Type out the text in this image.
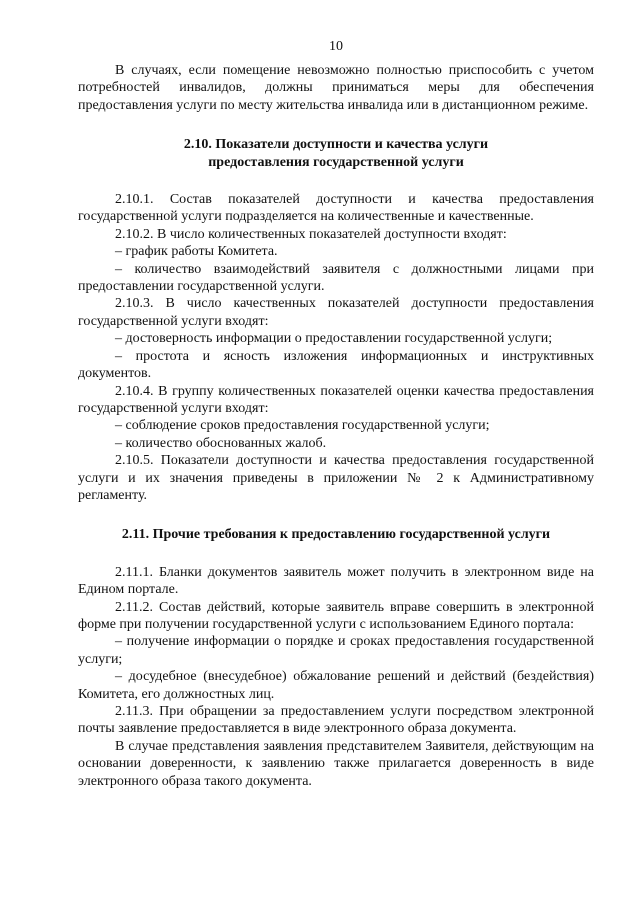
10

В случаях, если помещение невозможно полностью приспособить с учетом потребностей инвалидов, должны приниматься меры для обеспечения предоставления услуги по месту жительства инвалида или в дистанционном режиме.

2.10. Показатели доступности и качества услуги
предоставления государственной услуги

2.10.1. Состав показателей доступности и качества предоставления государственной услуги подразделяется на количественные и качественные.

2.10.2. В число количественных показателей доступности входят:

– график работы Комитета.

– количество взаимодействий заявителя с должностными лицами при предоставлении государственной услуги.

2.10.3. В число качественных показателей доступности предоставления государственной услуги входят:

– достоверность информации о предоставлении государственной услуги;

– простота и ясность изложения информационных и инструктивных документов.

2.10.4. В группу количественных показателей оценки качества предоставления государственной услуги входят:

– соблюдение сроков предоставления государственной услуги;

– количество обоснованных жалоб.

2.10.5. Показатели доступности и качества предоставления государственной услуги и их значения приведены в приложении № 2 к Административному регламенту.

2.11. Прочие требования к предоставлению государственной услуги

2.11.1. Бланки документов заявитель может получить в электронном виде на Едином портале.

2.11.2. Состав действий, которые заявитель вправе совершить в электронной форме при получении государственной услуги с использованием Единого портала:

– получение информации о порядке и сроках предоставления государственной услуги;

– досудебное (внесудебное) обжалование решений и действий (бездействия) Комитета, его должностных лиц.

2.11.3. При обращении за предоставлением услуги посредством электронной почты заявление предоставляется в виде электронного образа документа.

В случае представления заявления представителем Заявителя, действующим на основании доверенности, к заявлению также прилагается доверенность в виде электронного образа такого документа.
